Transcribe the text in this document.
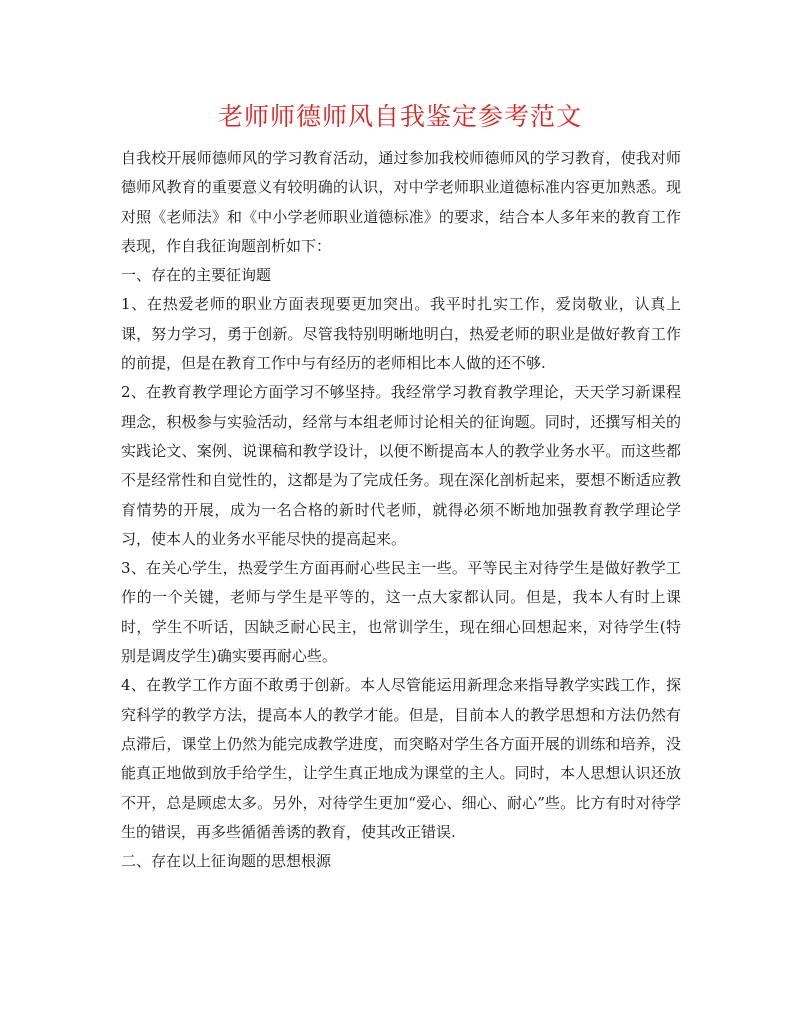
老师师德师风自我鉴定参考范文

自我校开展师德师风的学习教育活动，通过参加我校师德师风的学习教育，使我对师德师风教育的重要意义有较明确的认识，对中学老师职业道德标准内容更加熟悉。现对照《老师法》和《中小学老师职业道德标准》的要求，结合本人多年来的教育工作表现，作自我征询题剖析如下：

一、存在的主要征询题

1、在热爱老师的职业方面表现要更加突出。我平时扎实工作，爱岗敬业，认真上课，努力学习，勇于创新。尽管我特别明晰地明白，热爱老师的职业是做好教育工作的前提，但是在教育工作中与有经历的老师相比本人做的还不够.

2、在教育教学理论方面学习不够坚持。我经常学习教育教学理论，天天学习新课程理念，积极参与实验活动，经常与本组老师讨论相关的征询题。同时，还撰写相关的实践论文、案例、说课稿和教学设计，以便不断提高本人的教学业务水平。而这些都不是经常性和自觉性的，这都是为了完成任务。现在深化剖析起来，要想不断适应教育情势的开展，成为一名合格的新时代老师，就得必须不断地加强教育教学理论学习，使本人的业务水平能尽快的提高起来。

3、在关心学生，热爱学生方面再耐心些民主一些。平等民主对待学生是做好教学工作的一个关键，老师与学生是平等的，这一点大家都认同。但是，我本人有时上课时，学生不听话，因缺乏耐心民主，也常训学生，现在细心回想起来，对待学生(特别是调皮学生)确实要再耐心些。

4、在教学工作方面不敢勇于创新。本人尽管能运用新理念来指导教学实践工作，探究科学的教学方法，提高本人的教学才能。但是，目前本人的教学思想和方法仍然有点滞后，课堂上仍然为能完成教学进度，而突略对学生各方面开展的训练和培养，没能真正地做到放手给学生，让学生真正地成为课堂的主人。同时，本人思想认识还放不开，总是顾虑太多。另外，对待学生更加“爱心、细心、耐心”些。比方有时对待学生的错误，再多些循循善诱的教育，使其改正错误.

二、存在以上征询题的思想根源
